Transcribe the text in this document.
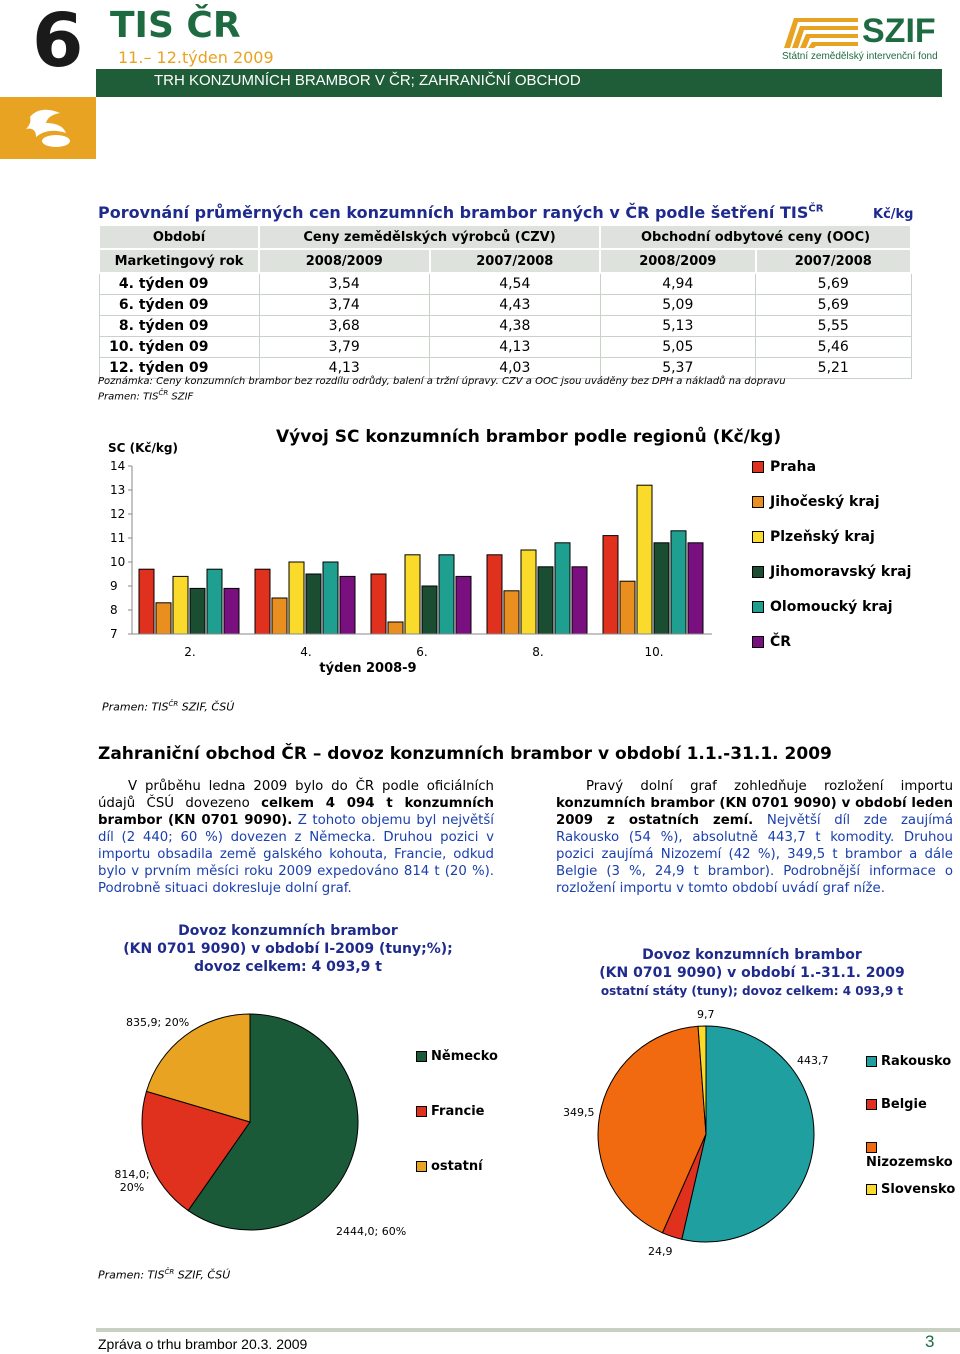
6 TIS ČR
11.– 12.týden 2009
TRH KONZUMNÍCH BRAMBOR V ČR; ZAHRANIČNÍ OBCHOD
SZIF
Státní zemědělský intervenční fond
Porovnání průměrných cen konzumních brambor raných v ČR podle šetření $TIS^{ČR}$	Kč/kg
Období	Ceny zemědělských výrobců (CZV)		Obchodní odbytové ceny (OOC)	
Marketingový rok	2008/2009	2007/2008	2008/2009	2007/2008
4. týden 09	3,54	4,54	4,94	5,69
6. týden 09	3,74	4,43	5,09	5,69
8. týden 09	3,68	4,38	5,13	5,55
10. týden 09	3,79	4,13	5,05	5,46
12. týden 09	4,13	4,03	5,37	5,21
Poznámka: Ceny konzumních brambor bez rozdílu odrůdy, balení a tržní úpravy. CZV a OOC jsou uváděny bez DPH a nákladů na dopravu
Pramen: $TIS^{ČR}$ SZIF
Vývoj SC konzumních brambor podle regionů (Kč/kg)
SC (Kč/kg)
týden 2008-9
14
13
12
11
10
9
8
7
2.	4.	6.	8.	10.
Praha
Jihočeský kraj
Plzeňský kraj
Jihomoravský kraj
Olomoucký kraj
ČR
Pramen: $TIS^{ČR}$ SZIF, ČSÚ
Zahraniční obchod ČR – dovoz konzumních brambor v období 1.1.-31.1. 2009
V průběhu ledna 2009 bylo do ČR podle oficiálních údajů ČSÚ dovezeno celkem 4 094 t konzumních brambor (KN 0701 9090). Z tohoto objemu byl největší díl (2 440; 60 %) dovezen z Německa. Druhou pozici v importu obsadila země galského kohouta, Francie, odkud bylo v prvním měsíci roku 2009 expedováno 814 t (20 %). Podrobně situaci dokresluje dolní graf.
Pravý dolní graf zohledňuje rozložení importu konzumních brambor (KN 0701 9090) v období leden 2009 z ostatních zemí. Největší díl zde zaujímá Rakousko (54 %), absolutně 443,7 t komodity. Druhou pozici zaujímá Nizozemí (42 %), 349,5 t brambor a dále Belgie (3 %, 24,9 t brambor). Podrobnější informace o rozložení importu v tomto období uvádí graf níže.
Dovoz konzumních brambor
(KN 0701 9090) v období I-2009 (tuny;%);
dovoz celkem: 4 093,9 t
835,9; 20%
814,0; 20%
2444,0; 60%
Německo
Francie
ostatní
Dovoz konzumních brambor
(KN 0701 9090) v období 1.-31.1. 2009
ostatní státy (tuny); dovoz celkem: 4 093,9 t
9,7
443,7
349,5
24,9
Rakousko
Belgie
Nizozemsko
Slovensko
Pramen: $TIS^{ČR}$ SZIF, ČSÚ
Zpráva o trhu brambor 20.3. 2009	3
